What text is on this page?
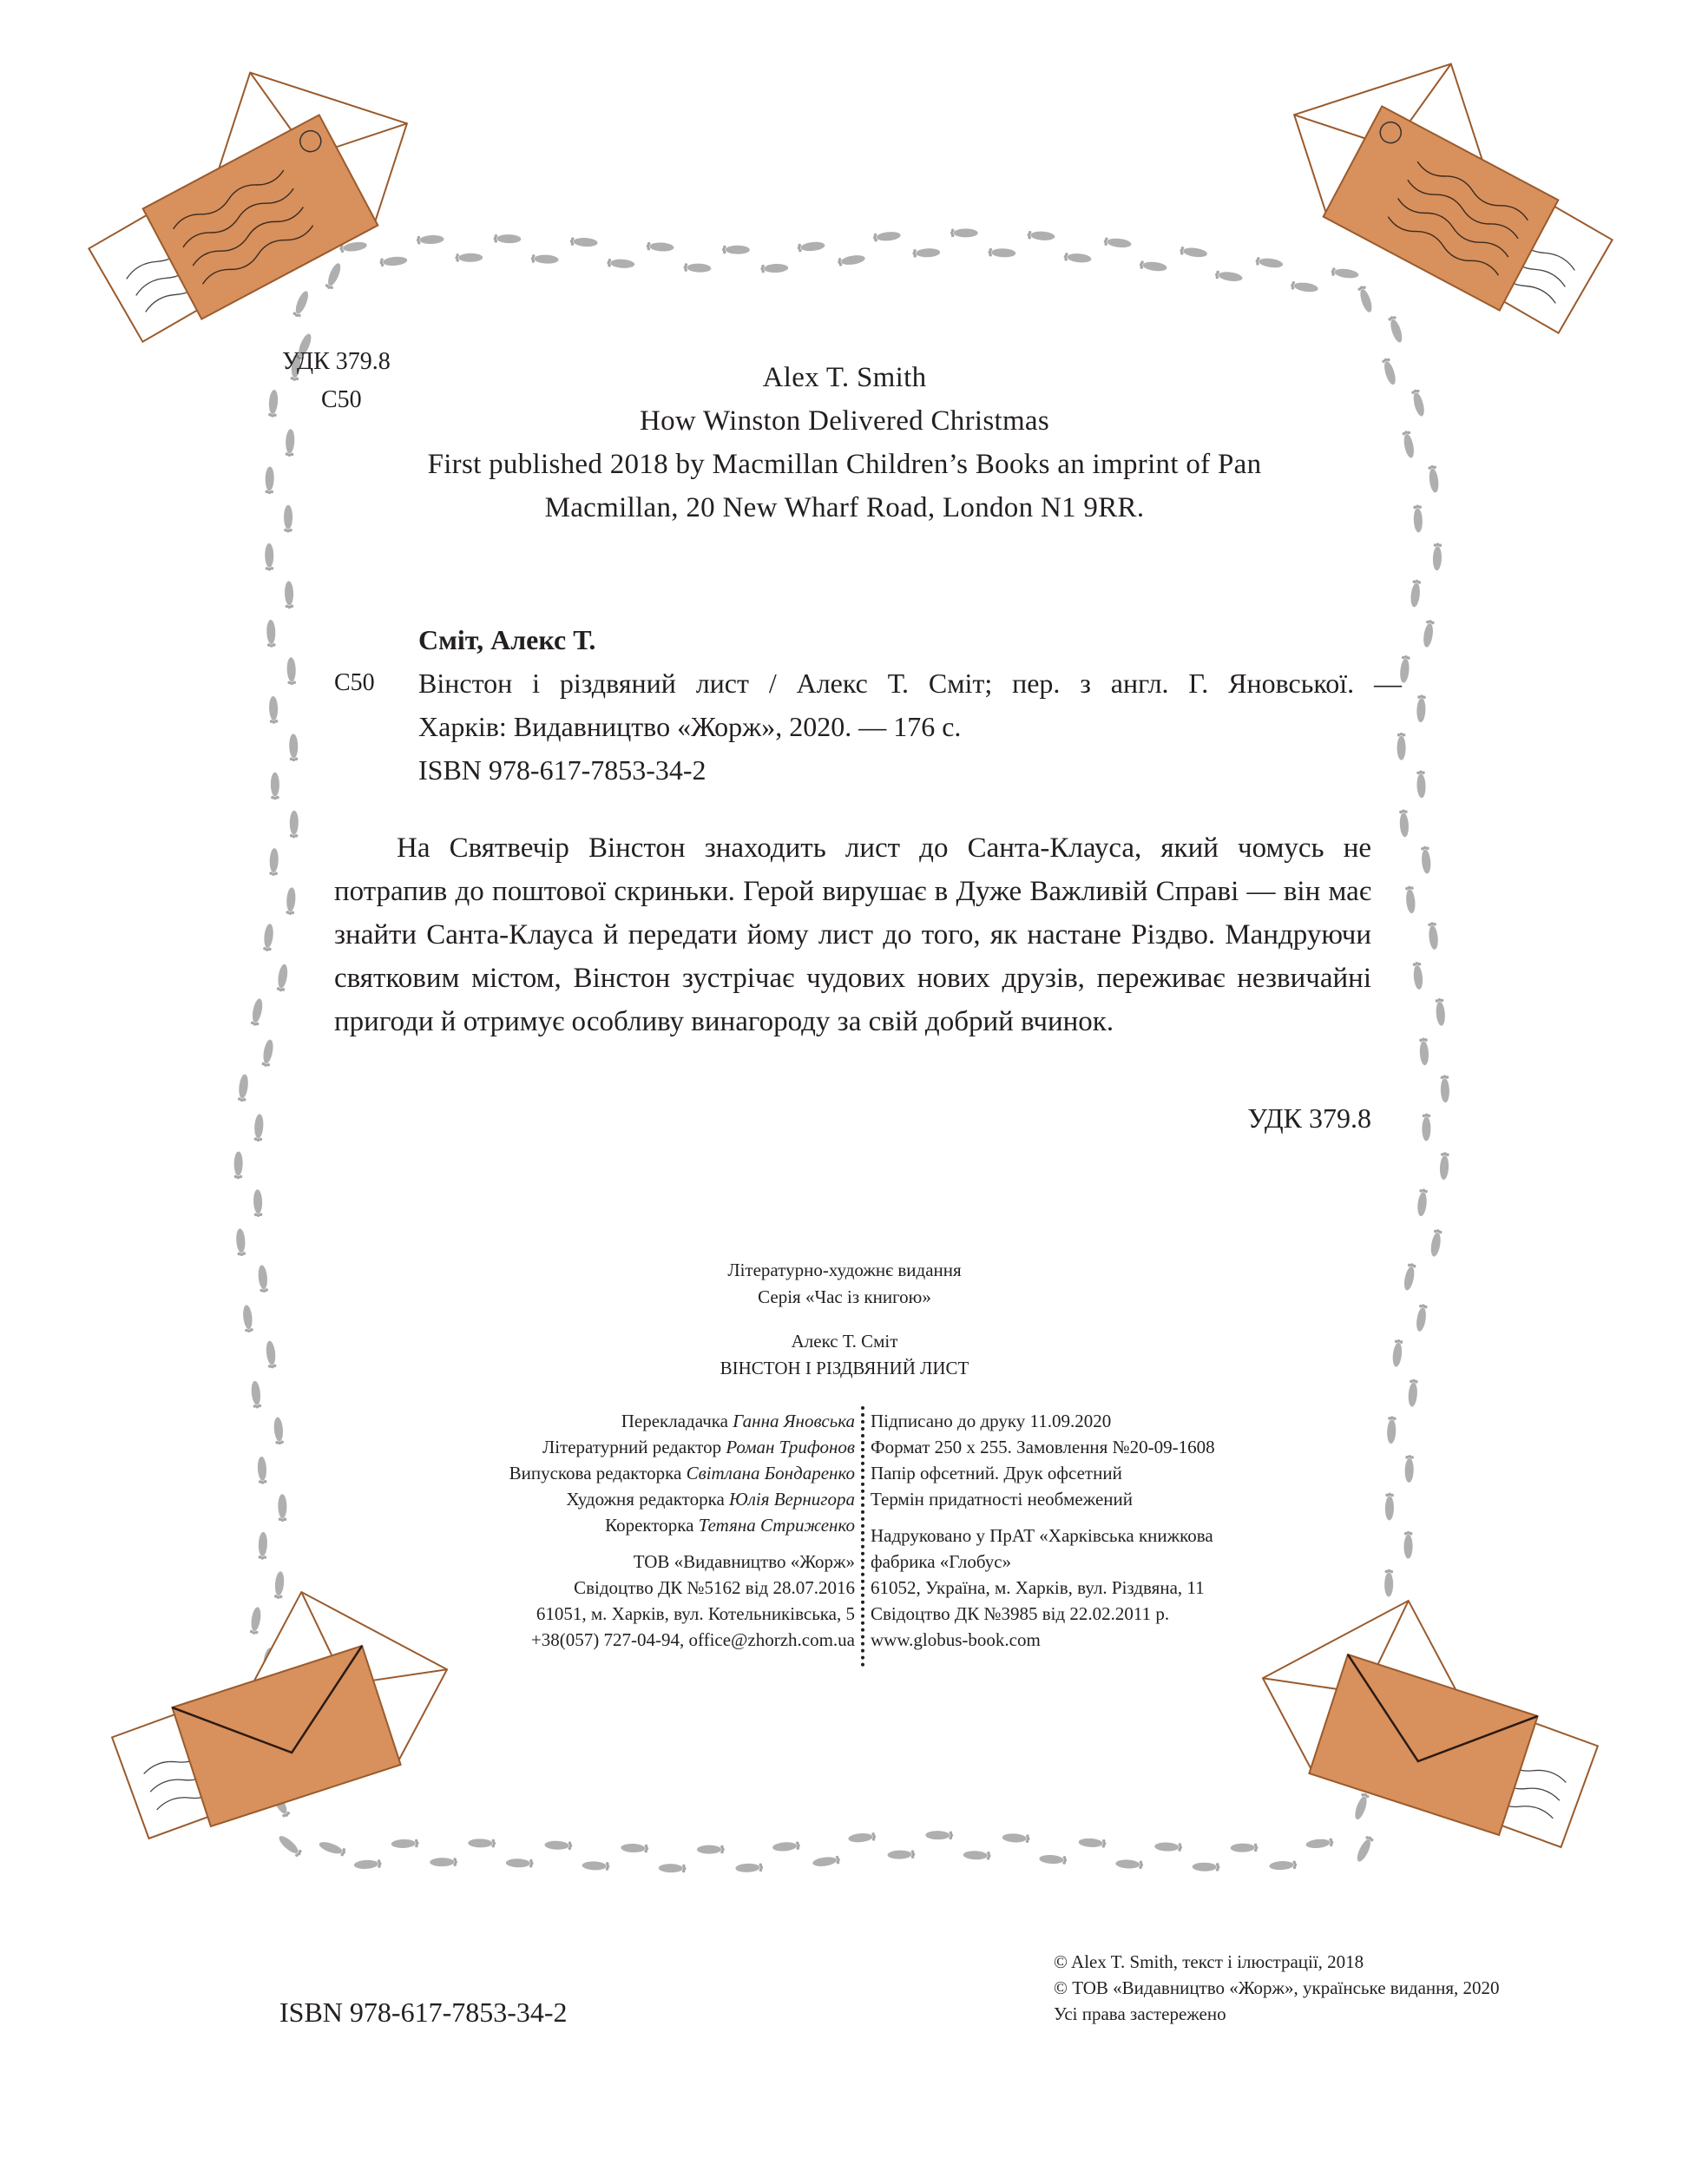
УДК 379.8
С50
Alex T. Smith
How Winston Delivered Christmas
First published 2018 by Macmillan Children’s Books an imprint of Pan
Macmillan, 20 New Wharf Road, London N1 9RR.
С50
Сміт, Алекс Т.
Вінстон і різдвяний лист / Алекс Т. Сміт; пер. з англ. Г. Яновської. —
Харків: Видавництво «Жорж», 2020. — 176 с.
ISBN 978-617-7853-34-2

На Святвечір Вінстон знаходить лист до Санта-Клауса, який чомусь не потрапив до поштової скриньки. Герой вирушає в Дуже Важливій Справі — він має знайти Санта-Клауса й передати йому лист до того, як настане Різдво. Мандруючи святковим містом, Вінстон зустрічає чудових нових друзів, переживає незвичайні пригоди й отримує особливу винагороду за свій добрий вчинок.

УДК 379.8
Літературно-художнє видання
Серія «Час із книгою»
Алекс Т. Сміт
ВІНСТОН І РІЗДВЯНИЙ ЛИСТ
Перекладачка Ганна Яновська
Літературний редактор Роман Трифонов
Випускова редакторка Світлана Бондаренко
Художня редакторка Юлія Вернигора
Коректорка Тетяна Стриженко
ТОВ «Видавництво «Жорж»
Свідоцтво ДК №5162 від 28.07.2016
61051, м. Харків, вул. Котельниківська, 5
+38(057) 727-04-94, office@zhorzh.com.ua
Підписано до друку 11.09.2020
Формат 250 х 255. Замовлення №20-09-1608
Папір офсетний. Друк офсетний
Термін придатності необмежений
Надруковано у ПрАТ «Харківська книжкова
фабрика «Глобус»
61052, Україна, м. Харків, вул. Різдвяна, 11
Свідоцтво ДК №3985 від 22.02.2011 р.
www.globus-book.com
ISBN 978-617-7853-34-2
© Alex T. Smith, текст і ілюстрації, 2018
© ТОВ «Видавництво «Жорж», українське видання, 2020
Усі права застережено
